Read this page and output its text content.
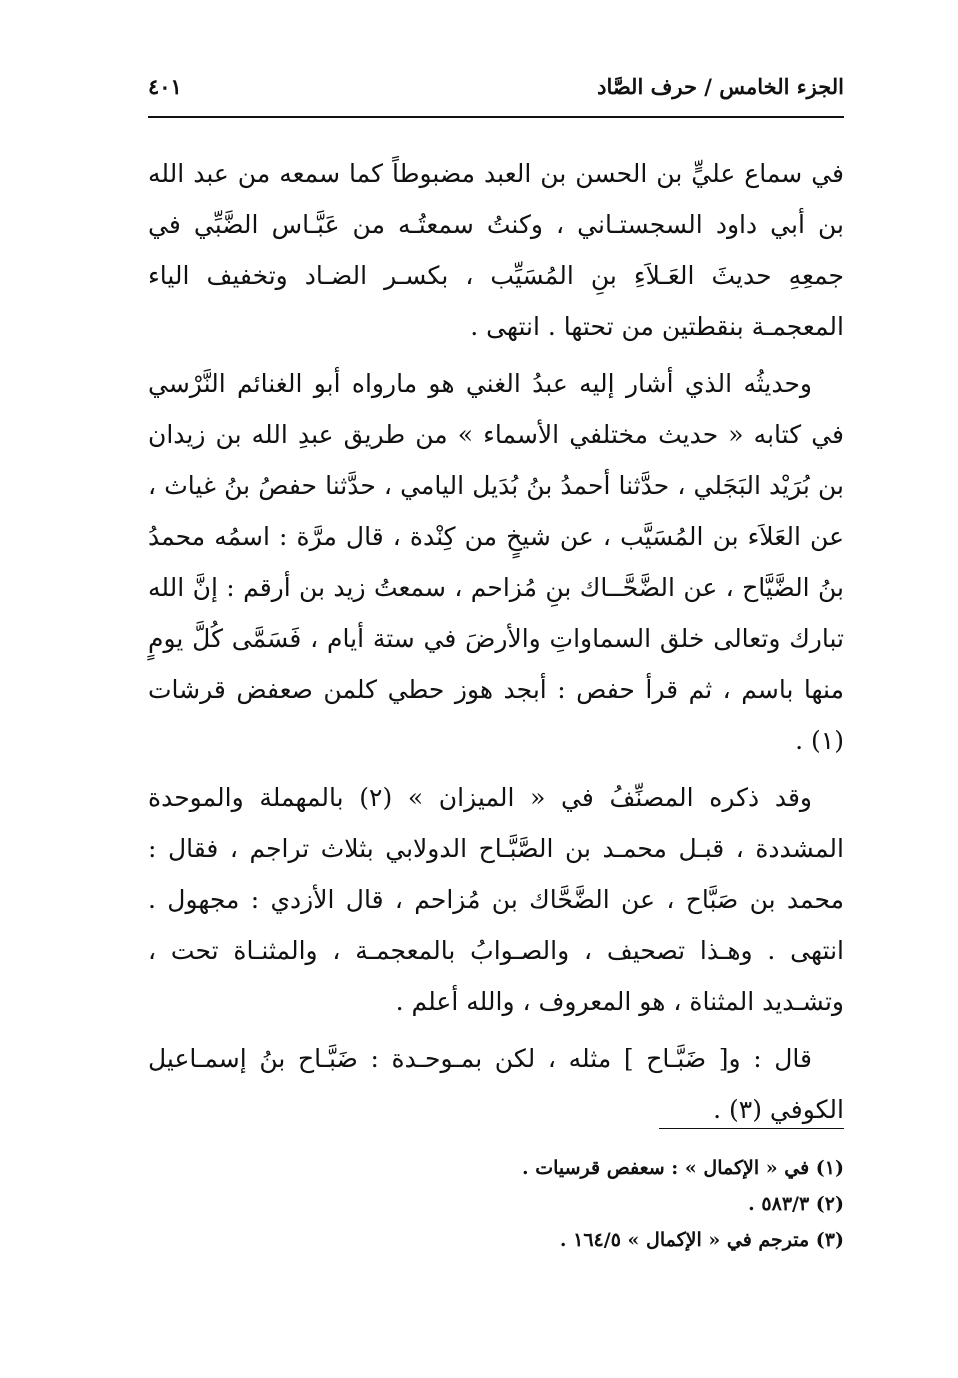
الجزء الخامس / حرف الصَّاد
٤٠١

في سماع عليٍّ بن الحسن بن العبد مضبوطاً كما سمعه من عبد الله بن أبي داود السجستـاني ، وكنتُ سمعتُـه من عَبَّـاس الضَّبِّي في جمعِهِ حديثَ العَـلاَءِ بنِ المُسَيِّب ، بكسـر الضـاد وتخفيف الياء المعجمـة بنقطتين من تحتها . انتهى .

وحديثُه الذي أشار إليه عبدُ الغني هو مارواه أبو الغنائم النَّرْسي في كتابه « حديث مختلفي الأسماء » من طريق عبدِ الله بن زيدان بن بُرَيْد البَجَلي ، حدَّثنا أحمدُ بنُ بُدَيل اليامي ، حدَّثنا حفصُ بنُ غياث ، عن العَلاَء بن المُسَيَّب ، عن شيخٍ من كِنْدة ، قال مرَّة : اسمُه محمدُ بنُ الضَّيَّاح ، عن الضَّحَّــاك بنِ مُزاحم ، سمعتُ زيد بن أرقم : إنَّ الله تبارك وتعالى خلق السماواتِ والأرضَ في ستة أيام ، فَسَمَّى كُلَّ يومٍ منها باسم ، ثم قرأ حفص : أبجد هوز حطي كلمن صعفض قرشات (١) .

وقد ذكره المصنِّفُ في « الميزان » (٢) بالمهملة والموحدة المشددة ، قبـل محمـد بن الصَّبَّـاح الدولابي بثلاث تراجم ، فقال : محمد بن صَبَّاح ، عن الضَّحَّاك بن مُزاحم ، قال الأزدي : مجهول . انتهى . وهـذا تصحيف ، والصـوابُ بالمعجمـة ، والمثنـاة تحت ، وتشـديد المثناة ، هو المعروف ، والله أعلم .

قال : و[ ضَبَّـاح ] مثله ، لكن بمـوحـدة : ضَبَّـاح بنُ إسمـاعيل الكوفي (٣) .

(١) في « الإكمال » : سعفص قرسيات .

(٢) ٥٨٣/٣ .

(٣) مترجم في « الإكمال » ١٦٤/٥ .
